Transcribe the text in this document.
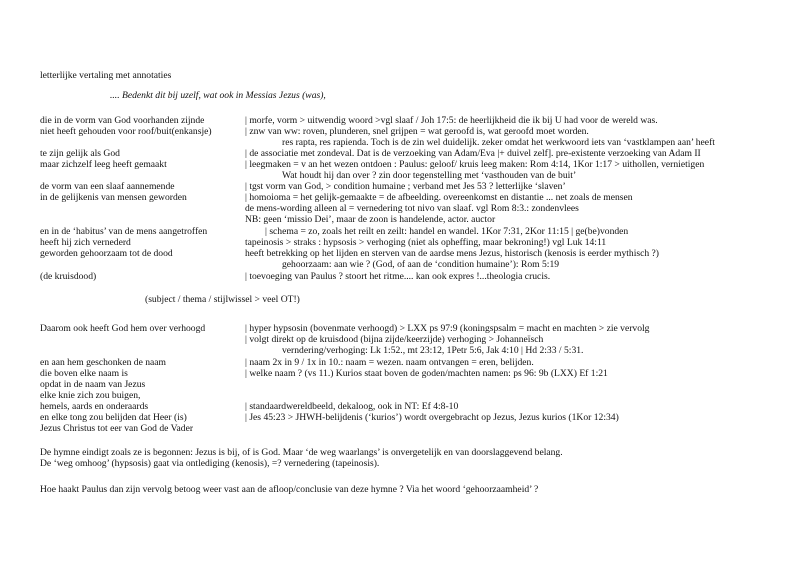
letterlijke vertaling met annotaties
.... Bedenkt dit bij uzelf, wat ook in Messias Jezus (was),
die in de vorm van God voorhanden zijnde	| morfe, vorm > uitwendig woord >vgl slaaf / Joh 17:5: de heerlijkheid die ik bij U had voor de wereld was.
niet heeft gehouden voor roof/buit(enkansje)	| znw van ww: roven, plunderen, snel grijpen = wat geroofd is, wat geroofd moet worden.
res rapta, res rapienda. Toch is de zin wel duidelijk. zeker omdat het werkwoord iets van ‘vastklampen aan’ heeft
te zijn gelijk als God	| de associatie met zondeval. Dat is de verzoeking van Adam/Eva |+ duivel zelf]. pre-existente verzoeking van Adam II
maar zichzelf leeg heeft gemaakt	| leegmaken = v an het wezen ontdoen : Paulus: geloof/ kruis leeg maken: Rom 4:14, 1Kor 1:17 > uithollen, vernietigen
Wat houdt hij dan over ? zin door tegenstelling met ‘vasthouden van de buit’
de vorm van een slaaf aannemende	| tgst vorm van God, > condition humaine ; verband met Jes 53 ? letterlijke ‘slaven’
in de gelijkenis van mensen geworden	| homoioma = het gelijk-gemaakte = de afbeelding. overeenkomst en distantie ... net zoals de mensen
de mens-wording alleen al = vernedering tot nivo van slaaf. vgl Rom 8:3.: zondenvlees
NB: geen ‘missio Dei’, maar de zoon is handelende, actor. auctor
en in de ‘habitus’ van de mens aangetroffen	| schema = zo, zoals het reilt en zeilt: handel en wandel. 1Kor 7:31, 2Kor 11:15 | ge(be)vonden
heeft hij zich vernederd	tapeinosis > straks : hypsosis > verhoging (niet als opheffing, maar bekroning!) vgl Luk 14:11
geworden gehoorzaam tot de dood	heeft betrekking op het lijden en sterven van de aardse mens Jezus, historisch (kenosis is eerder mythisch ?)
gehoorzaam: aan wie ? (God, of aan de ‘condition humaine’): Rom 5:19
(de kruisdood)	| toevoeging van Paulus ? stoort het ritme.... kan ook expres !...theologia crucis.
(subject / thema / stijlwissel > veel OT!)
Daarom ook heeft God hem over verhoogd	| hyper hypsosin (bovenmate verhoogd) > LXX ps 97:9 (koningspsalm = macht en machten > zie vervolg
| volgt direkt op de kruisdood (bijna zijde/keerzijde) verhoging > Johanneïsch
verndering/verhoging: Lk 1:52., mt 23:12, 1Petr 5:6, Jak 4:10 | Hd 2:33 / 5:31.
en aan hem geschonken de naam	| naam 2x in 9 / 1x in 10.: naam = wezen. naam ontvangen = eren, belijden.
die boven elke naam is	| welke naam ? (vs 11.) Kurios staat boven de goden/machten namen: ps 96: 9b (LXX) Ef 1:21
opdat in de naam van Jezus
elke knie zich zou buigen,
hemels, aards en onderaards	| standaardwereldbeeld, dekaloog, ook in NT: Ef 4:8-10
en elke tong zou belijden dat Heer (is)	| Jes 45:23 > JHWH-belijdenis (‘kurios’) wordt overgebracht op Jezus, Jezus kurios (1Kor 12:34)
Jezus Christus tot eer van God de Vader
De hymne eindigt zoals ze is begonnen: Jezus is bij, of is God. Maar ‘de weg waarlangs’ is onvergetelijk en van doorslaggevend belang.
De ‘weg omhoog’ (hypsosis) gaat via ontlediging (kenosis), =? vernedering (tapeinosis).
Hoe haakt Paulus dan zijn vervolg betoog weer vast aan de afloop/conclusie van deze hymne ? Via het woord ‘gehoorzaamheid’ ?
